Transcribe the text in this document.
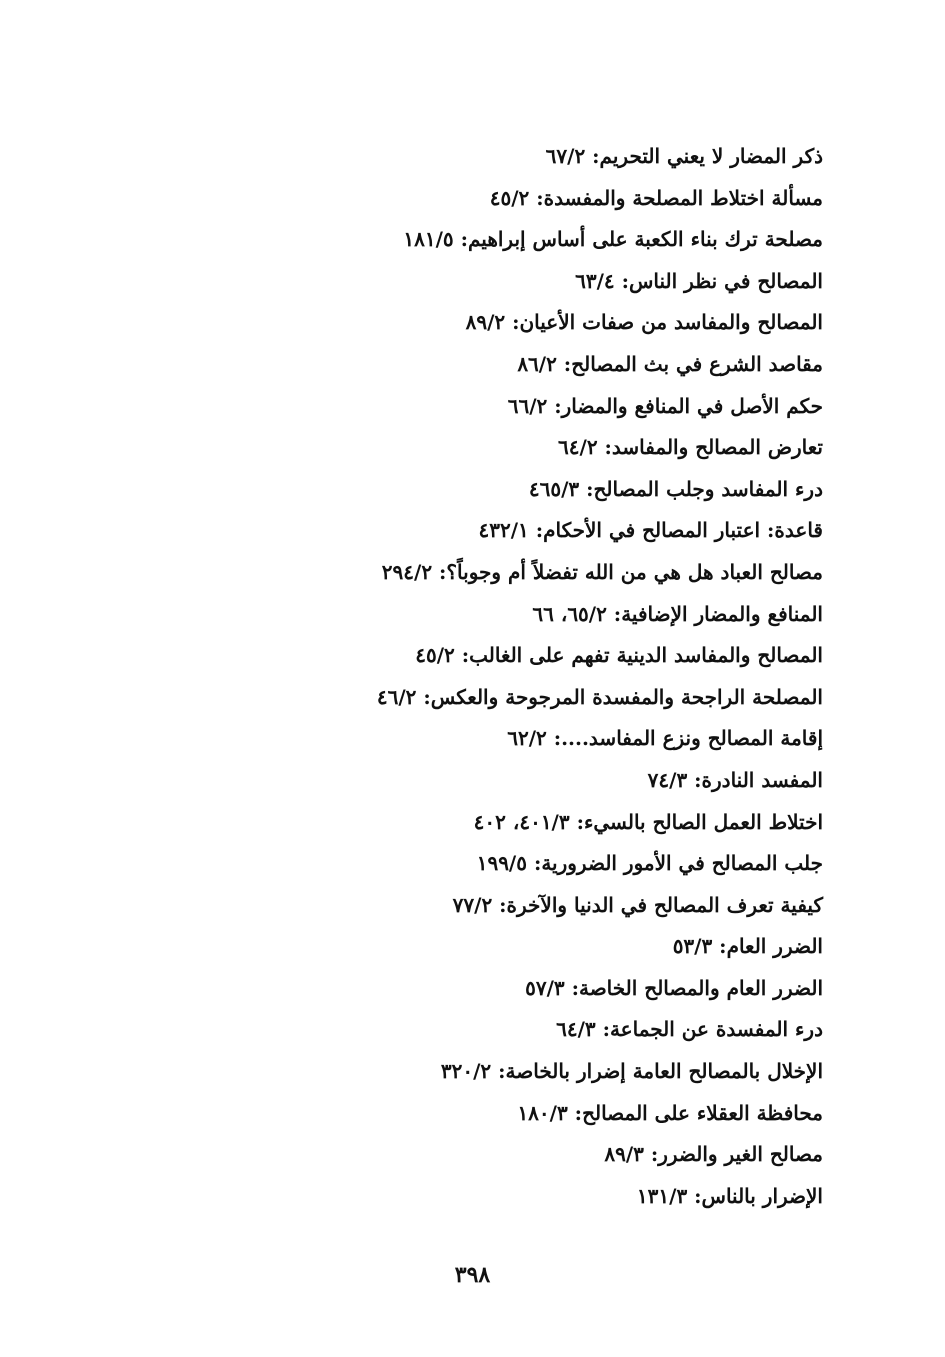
ذكر المضار لا يعني التحريم: ٦٧/٢
مسألة اختلاط المصلحة والمفسدة: ٤٥/٢
مصلحة ترك بناء الكعبة على أساس إبراهيم: ١٨١/٥
المصالح في نظر الناس: ٦٣/٤
المصالح والمفاسد من صفات الأعيان: ٨٩/٢
مقاصد الشرع في بث المصالح: ٨٦/٢
حكم الأصل في المنافع والمضار: ٦٦/٢
تعارض المصالح والمفاسد: ٦٤/٢
درء المفاسد وجلب المصالح: ٤٦٥/٣
قاعدة: اعتبار المصالح في الأحكام: ٤٣٢/١
مصالح العباد هل هي من الله تفضلاً أم وجوباً؟: ٢٩٤/٢
المنافع والمضار الإضافية: ٦٥/٢، ٦٦
المصالح والمفاسد الدينية تفهم على الغالب: ٤٥/٢
المصلحة الراجحة والمفسدة المرجوحة والعكس: ٤٦/٢
إقامة المصالح ونزع المفاسد....: ٦٢/٢
المفسد النادرة: ٧٤/٣
اختلاط العمل الصالح بالسيء: ٤٠١/٣، ٤٠٢
جلب المصالح في الأمور الضرورية: ١٩٩/٥
كيفية تعرف المصالح في الدنيا والآخرة: ٧٧/٢
الضرر العام: ٥٣/٣
الضرر العام والمصالح الخاصة: ٥٧/٣
درء المفسدة عن الجماعة: ٦٤/٣
الإخلال بالمصالح العامة إضرار بالخاصة: ٣٢٠/٢
محافظة العقلاء على المصالح: ١٨٠/٣
مصالح الغير والضرر: ٨٩/٣
الإضرار بالناس: ١٣١/٣
٣٩٨
